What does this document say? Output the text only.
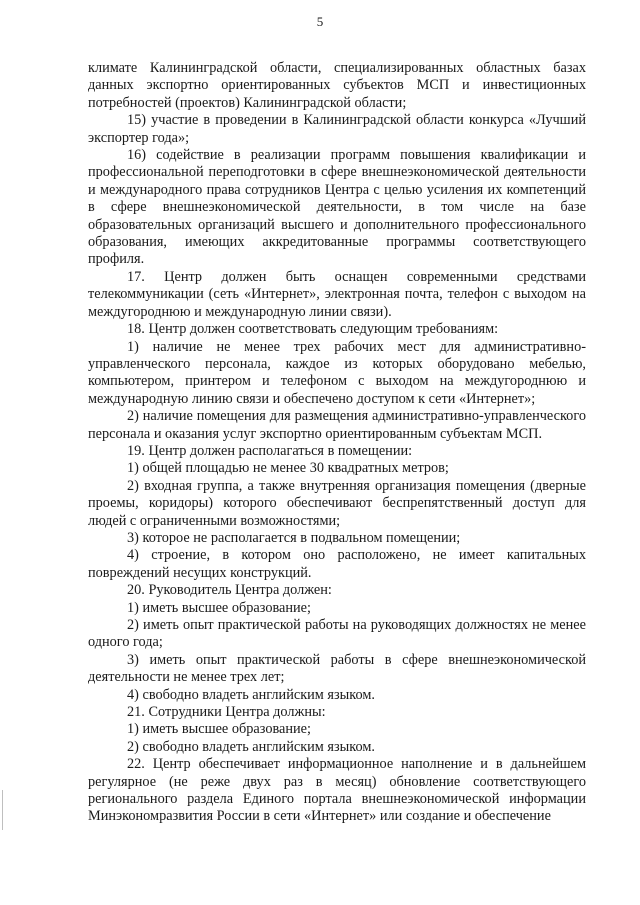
5

климате Калининградской области, специализированных областных базах данных экспортно ориентированных субъектов МСП и инвестиционных потребностей (проектов) Калининградской области;

15) участие в проведении в Калининградской области конкурса «Лучший экспортер года»;

16) содействие в реализации программ повышения квалификации и профессиональной переподготовки в сфере внешнеэкономической деятельности и международного права сотрудников Центра с целью усиления их компетенций в сфере внешнеэкономической деятельности, в том числе на базе образовательных организаций высшего и дополнительного профессионального образования, имеющих аккредитованные программы соответствующего профиля.

17. Центр должен быть оснащен современными средствами телекоммуникации (сеть «Интернет», электронная почта, телефон с выходом на междугороднюю и международную линии связи).

18. Центр должен соответствовать следующим требованиям:

1) наличие не менее трех рабочих мест для административно-управленческого персонала, каждое из которых оборудовано мебелью, компьютером, принтером и телефоном с выходом на междугороднюю и международную линию связи и обеспечено доступом к сети «Интернет»;

2) наличие помещения для размещения административно-управленческого персонала и оказания услуг экспортно ориентированным субъектам МСП.

19. Центр должен располагаться в помещении:

1) общей площадью не менее 30 квадратных метров;

2) входная группа, а также внутренняя организация помещения (дверные проемы, коридоры) которого обеспечивают беспрепятственный доступ для людей с ограниченными возможностями;

3) которое не располагается в подвальном помещении;

4) строение, в котором оно расположено, не имеет капитальных повреждений несущих конструкций.

20. Руководитель Центра должен:

1) иметь высшее образование;

2) иметь опыт практической работы на руководящих должностях не менее одного года;

3) иметь опыт практической работы в сфере внешнеэкономической деятельности не менее трех лет;

4) свободно владеть английским языком.

21. Сотрудники Центра должны:

1) иметь высшее образование;

2) свободно владеть английским языком.

22. Центр обеспечивает информационное наполнение и в дальнейшем регулярное (не реже двух раз в месяц) обновление соответствующего регионального раздела Единого портала внешнеэкономической информации Минэкономразвития России в сети «Интернет» или создание и обеспечение
